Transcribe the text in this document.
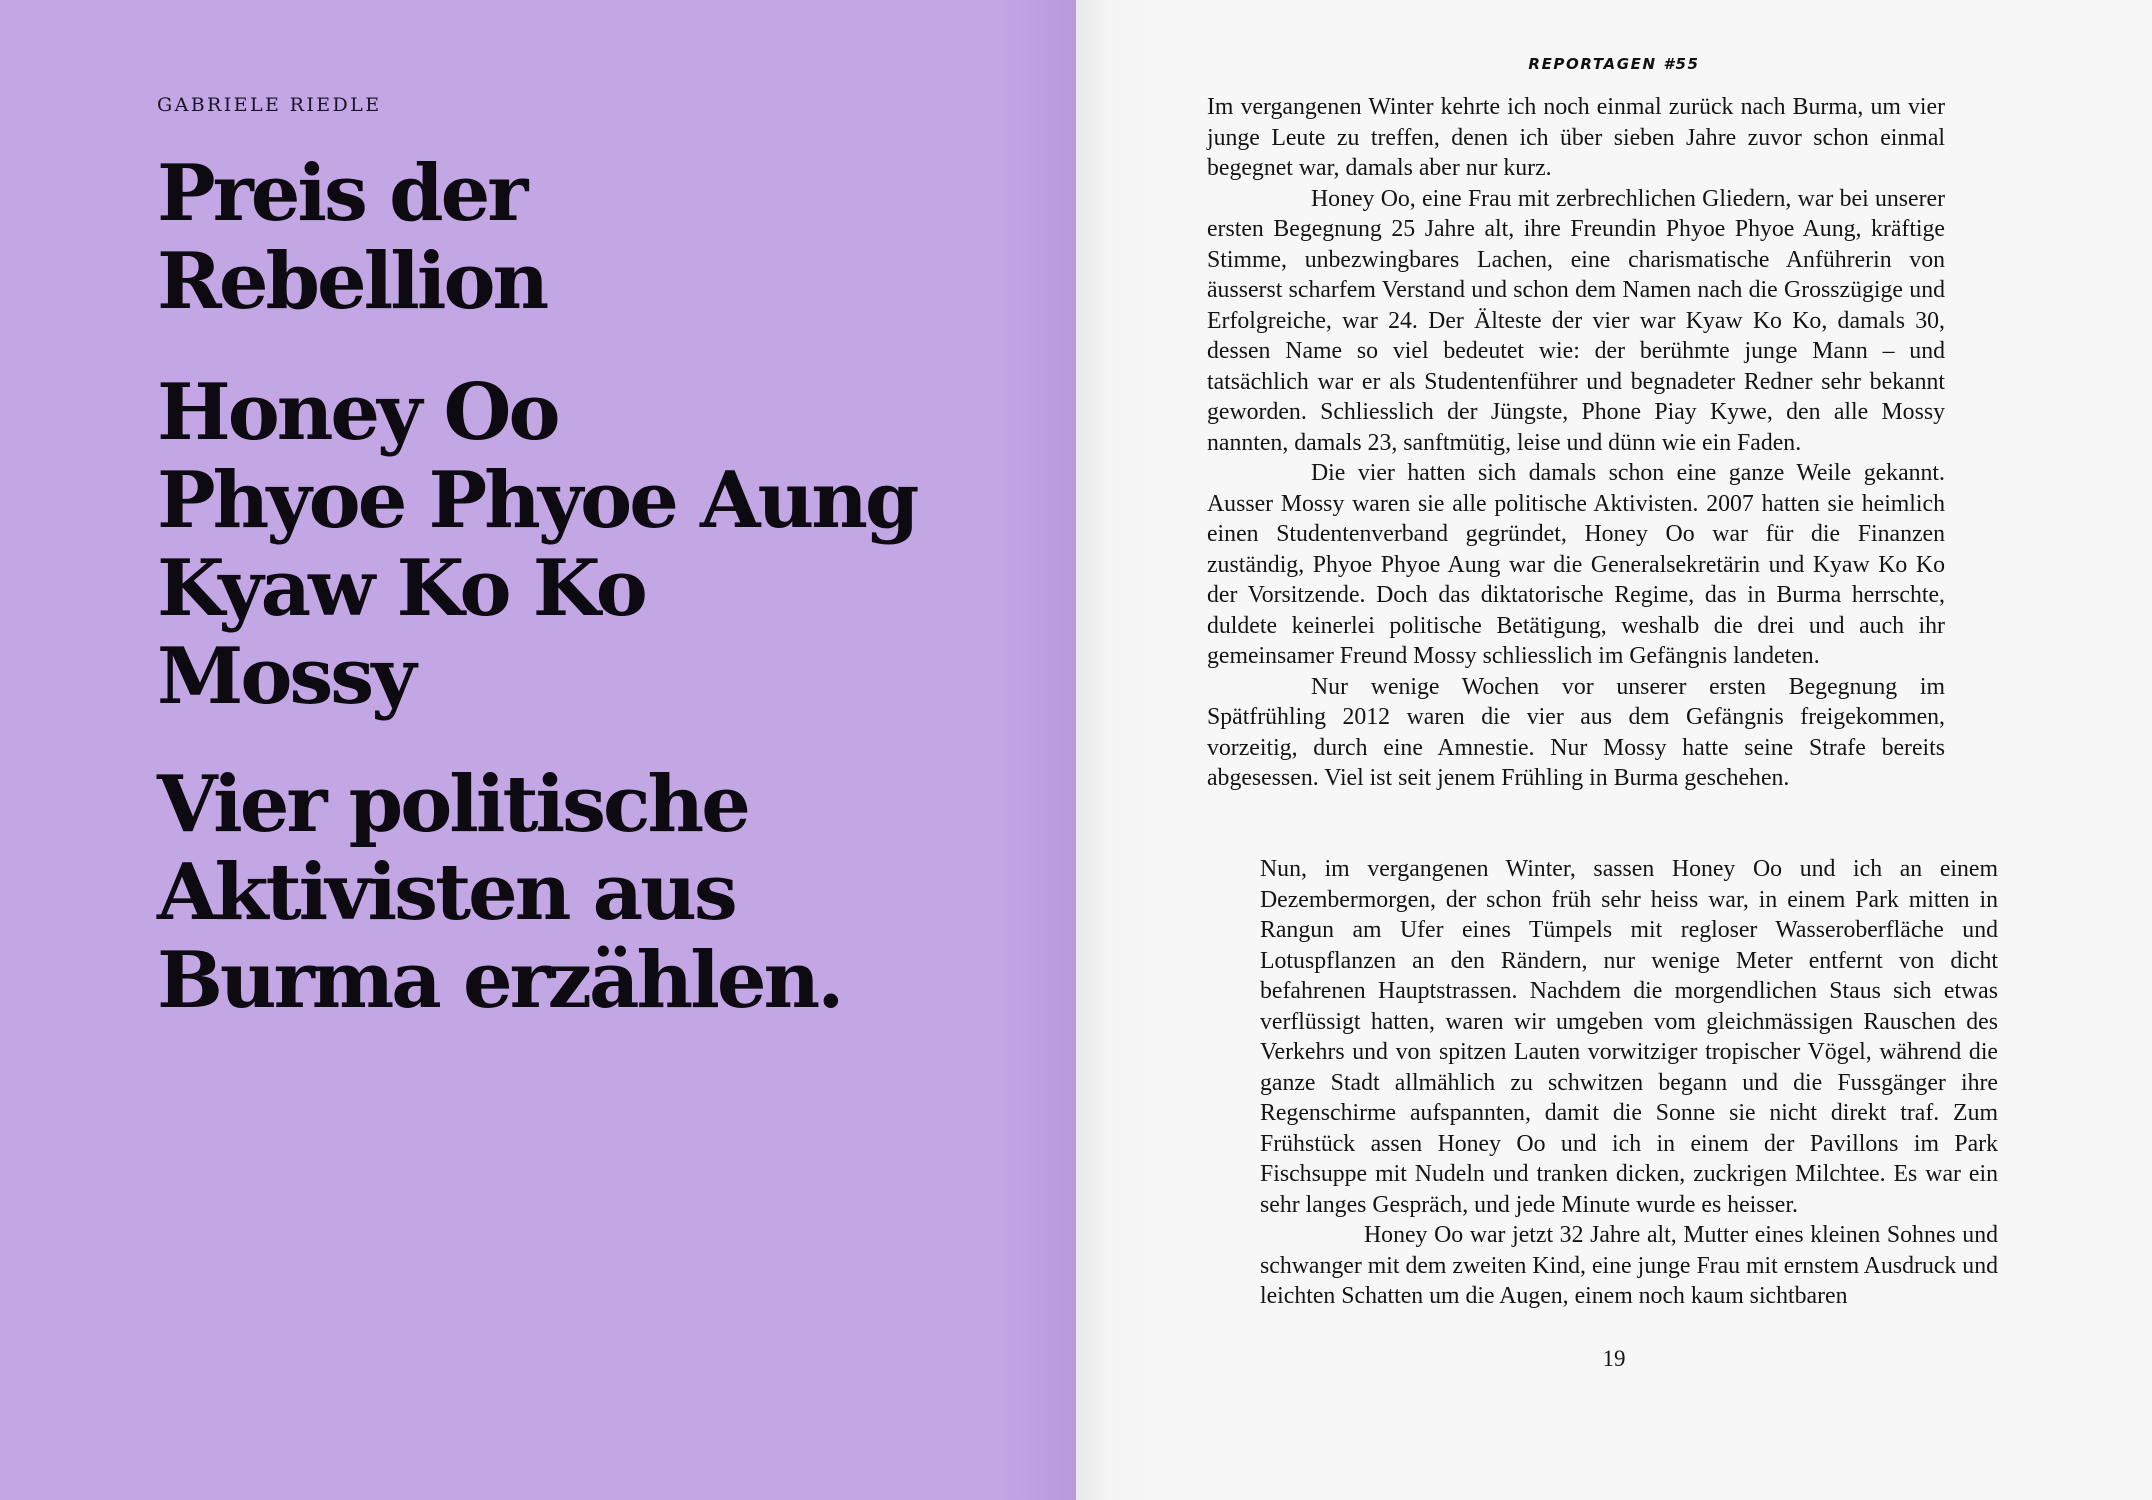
GABRIELE RIEDLE

Preis der
Rebellion
Honey Oo
Phyoe Phyoe Aung
Kyaw Ko Ko
Mossy
Vier politische
Aktivisten aus
Burma erzählen.

REPORTAGEN #55

Im vergangenen Winter kehrte ich noch einmal zurück nach Burma, um vier junge Leute zu treffen, denen ich über sieben Jahre zuvor schon einmal begegnet war, damals aber nur kurz.

Honey Oo, eine Frau mit zerbrechlichen Gliedern, war bei unserer ersten Begegnung 25 Jahre alt, ihre Freundin Phyoe Phyoe Aung, kräftige Stimme, unbezwingbares Lachen, eine charismatische Anführerin von äusserst scharfem Verstand und schon dem Namen nach die Grosszügige und Erfolgreiche, war 24. Der Älteste der vier war Kyaw Ko Ko, damals 30, dessen Name so viel bedeutet wie: der berühmte junge Mann – und tatsächlich war er als Studentenführer und begnadeter Redner sehr bekannt geworden. Schliesslich der Jüngste, Phone Piay Kywe, den alle Mossy nannten, damals 23, sanftmütig, leise und dünn wie ein Faden.

Die vier hatten sich damals schon eine ganze Weile gekannt. Ausser Mossy waren sie alle politische Aktivisten. 2007 hatten sie heimlich einen Studentenverband gegründet, Honey Oo war für die Finanzen zuständig, Phyoe Phyoe Aung war die Generalsekretärin und Kyaw Ko Ko der Vorsitzende. Doch das diktatorische Regime, das in Burma herrschte, duldete keinerlei politische Betätigung, weshalb die drei und auch ihr gemeinsamer Freund Mossy schliesslich im Gefängnis landeten.

Nur wenige Wochen vor unserer ersten Begegnung im Spätfrühling 2012 waren die vier aus dem Gefängnis freigekommen, vorzeitig, durch eine Amnestie. Nur Mossy hatte seine Strafe bereits abgesessen. Viel ist seit jenem Frühling in Burma geschehen.

Nun, im vergangenen Winter, sassen Honey Oo und ich an einem Dezembermorgen, der schon früh sehr heiss war, in einem Park mitten in Rangun am Ufer eines Tümpels mit regloser Wasseroberfläche und Lotuspflanzen an den Rändern, nur wenige Meter entfernt von dicht befahrenen Hauptstrassen. Nachdem die morgendlichen Staus sich etwas verflüssigt hatten, waren wir umgeben vom gleichmässigen Rauschen des Verkehrs und von spitzen Lauten vorwitziger tropischer Vögel, während die ganze Stadt allmählich zu schwitzen begann und die Fussgänger ihre Regenschirme aufspannten, damit die Sonne sie nicht direkt traf. Zum Frühstück assen Honey Oo und ich in einem der Pavillons im Park Fischsuppe mit Nudeln und tranken dicken, zuckrigen Milchtee. Es war ein sehr langes Gespräch, und jede Minute wurde es heisser.

Honey Oo war jetzt 32 Jahre alt, Mutter eines kleinen Sohnes und schwanger mit dem zweiten Kind, eine junge Frau mit ernstem Ausdruck und leichten Schatten um die Augen, einem noch kaum sichtbaren

19
